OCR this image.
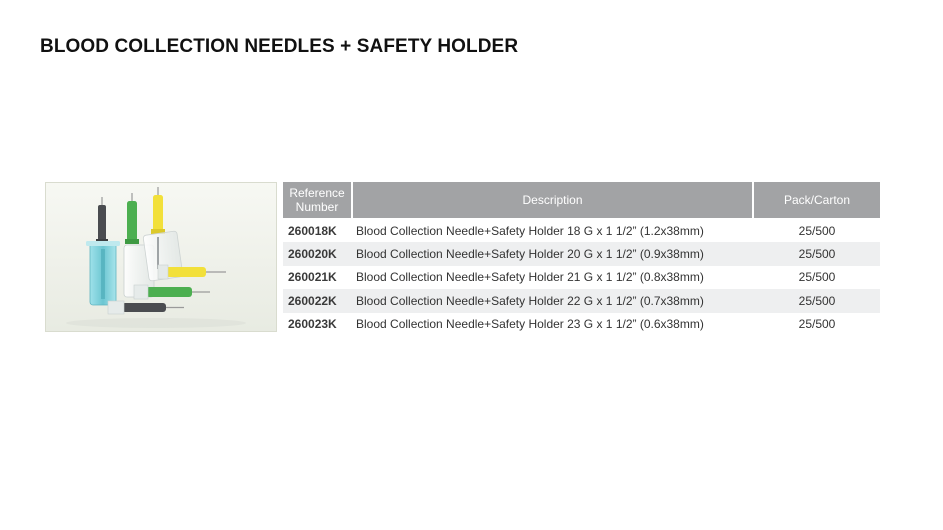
BLOOD COLLECTION NEEDLES + SAFETY HOLDER
Reference Number	Description	Pack/Carton
260018K	Blood Collection Needle+Safety Holder 18 G x 1 1/2” (1.2x38mm)	25/500
260020K	Blood Collection Needle+Safety Holder 20 G x 1 1/2” (0.9x38mm)	25/500
260021K	Blood Collection Needle+Safety Holder 21 G x 1 1/2” (0.8x38mm)	25/500
260022K	Blood Collection Needle+Safety Holder 22 G x 1 1/2” (0.7x38mm)	25/500
260023K	Blood Collection Needle+Safety Holder 23 G x 1 1/2” (0.6x38mm)	25/500
